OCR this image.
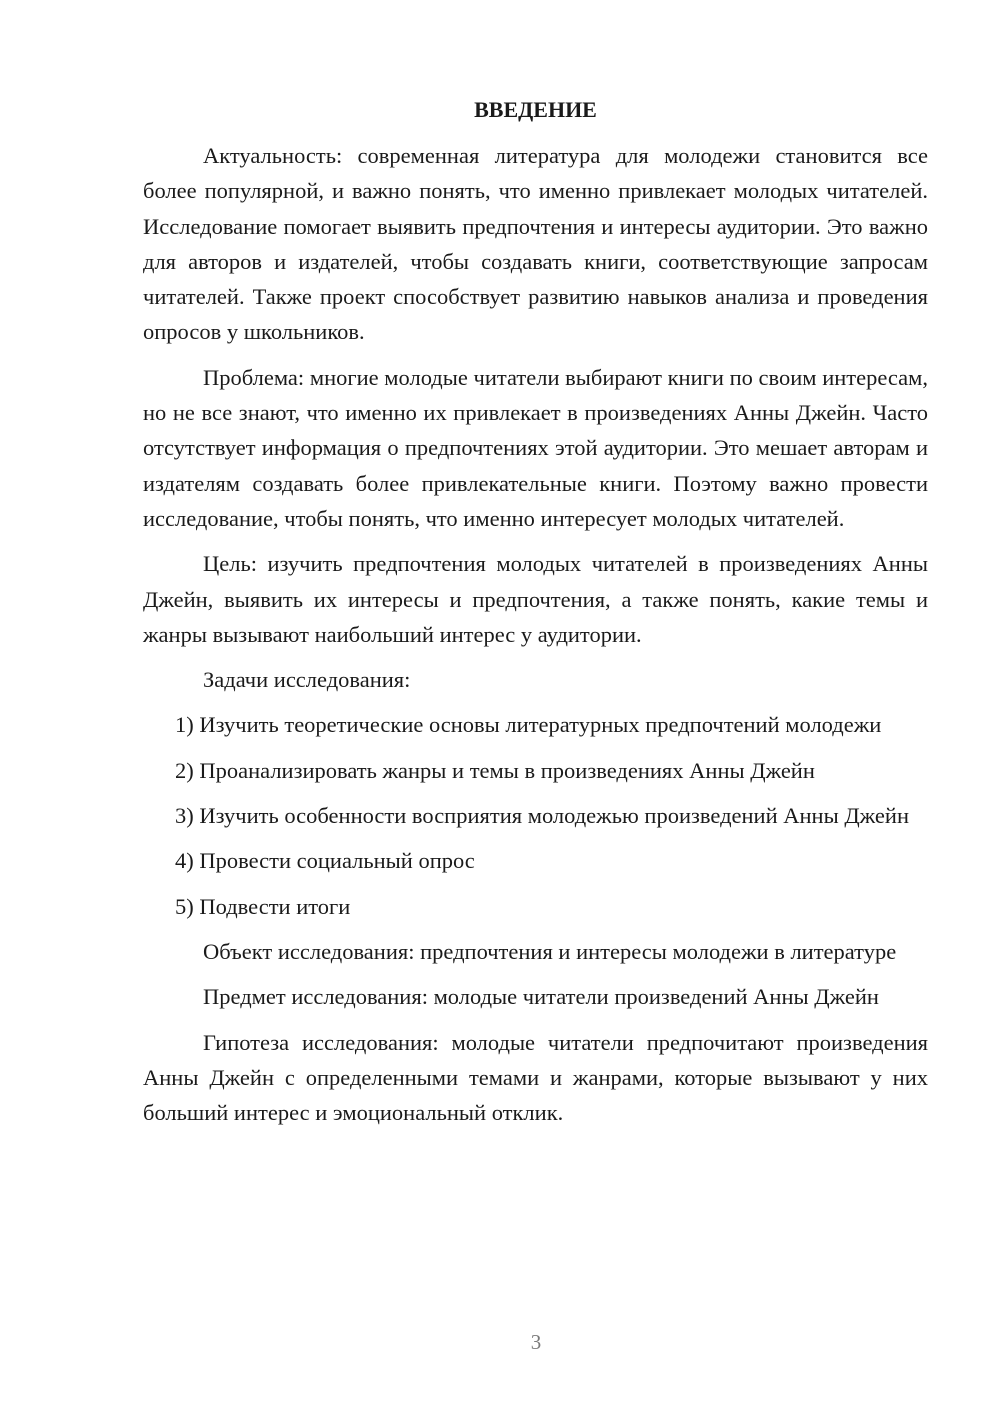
ВВЕДЕНИЕ
Актуальность: современная литература для молодежи становится все более популярной, и важно понять, что именно привлекает молодых читателей. Исследование помогает выявить предпочтения и интересы аудитории. Это важно для авторов и издателей, чтобы создавать книги, соответствующие запросам читателей. Также проект способствует развитию навыков анализа и проведения опросов у школьников.
Проблема: многие молодые читатели выбирают книги по своим интересам, но не все знают, что именно их привлекает в произведениях Анны Джейн. Часто отсутствует информация о предпочтениях этой аудитории. Это мешает авторам и издателям создавать более привлекательные книги. Поэтому важно провести исследование, чтобы понять, что именно интересует молодых читателей.
Цель: изучить предпочтения молодых читателей в произведениях Анны Джейн, выявить их интересы и предпочтения, а также понять, какие темы и жанры вызывают наибольший интерес у аудитории.
Задачи исследования:
1) Изучить теоретические основы литературных предпочтений молодежи
2) Проанализировать жанры и темы в произведениях Анны Джейн
3) Изучить особенности восприятия молодежью произведений Анны Джейн
4) Провести социальный опрос
5) Подвести итоги
Объект исследования: предпочтения и интересы молодежи в литературе
Предмет исследования: молодые читатели произведений Анны Джейн
Гипотеза исследования: молодые читатели предпочитают произведения Анны Джейн с определенными темами и жанрами, которые вызывают у них больший интерес и эмоциональный отклик.
3
